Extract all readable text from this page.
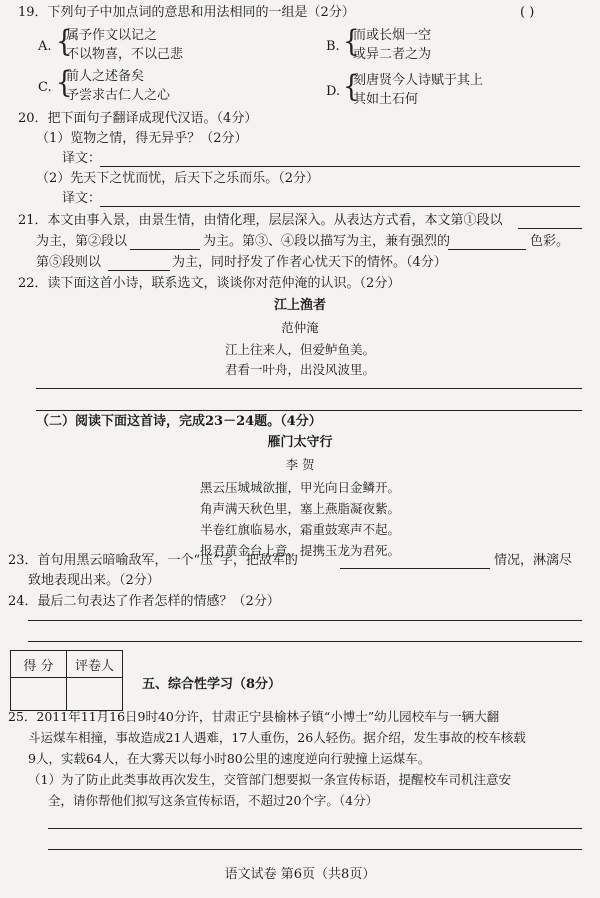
19．下列句子中加点词的意思和用法相同的一组是（2分）	( )
A. {
属予作文以记之
不以物喜，不以己悲
B. {
而或长烟一空
或异二者之为
C. {
前人之述备矣
予尝求古仁人之心	D. {
刻唐贤今人诗赋于其上
其如土石何
20．把下面句子翻译成现代汉语。（4分）
（1）览物之情，得无异乎？（2分）
译文：
（2）先天下之忧而忧，后天下之乐而乐。（2分）
译文：
21．本文由事入景，由景生情，由情化理，层层深入。从表达方式看，本文第①段以
为主，第②段以	为主。第③、④段以描写为主，兼有强烈的	色彩。
第⑤段则以	为主，同时抒发了作者心忧天下的情怀。（4分）
22．读下面这首小诗，联系选文，谈谈你对范仲淹的认识。（2分）
江上渔者
范仲淹
江上往来人，但爱鲈鱼美。
君看一叶舟，出没风波里。
（二）阅读下面这首诗，完成23－24题。（4分）
雁门太守行
李 贺
黑云压城城欲摧，甲光向日金鳞开。
角声满天秋色里，塞上燕脂凝夜紫。
半卷红旗临易水，霜重鼓寒声不起。
报君黄金台上意，提携玉龙为君死。
23．首句用黑云暗喻敌军，一个“压”字，把敌军的	情况，淋漓尽
致地表现出来。（2分）
24．最后二句表达了作者怎样的情感？（2分）
得 分	评卷人

五、综合性学习（8分）
25．2011年11月16日9时40分许，甘肃正宁县榆林子镇“小博士”幼儿园校车与一辆大翻
斗运煤车相撞，事故造成21人遇难，17人重伤，26人轻伤。据介绍，发生事故的校车核载
9人，实载64人，在大雾天以每小时80公里的速度逆向行驶撞上运煤车。
（1）为了防止此类事故再次发生，交管部门想要拟一条宣传标语，提醒校车司机注意安
全，请你帮他们拟写这条宣传标语，不超过20个字。（4分）
语文试卷 第6页（共8页）
